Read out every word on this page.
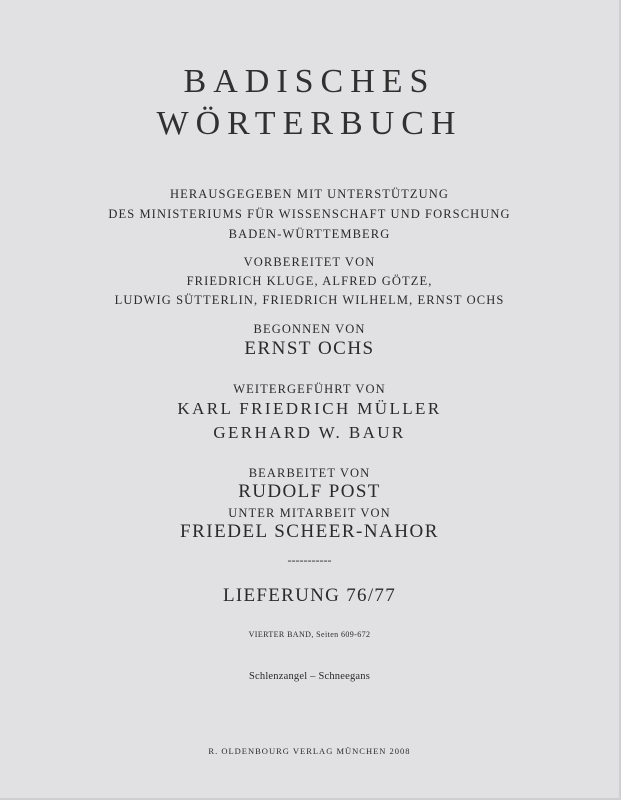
BADISCHES
WÖRTERBUCH
HERAUSGEGEBEN MIT UNTERSTÜTZUNG
DES MINISTERIUMS FÜR WISSENSCHAFT UND FORSCHUNG
BADEN-WÜRTTEMBERG
VORBEREITET VON
FRIEDRICH KLUGE, ALFRED GÖTZE,
LUDWIG SÜTTERLIN, FRIEDRICH WILHELM, ERNST OCHS
BEGONNEN VON
ERNST OCHS
WEITERGEFÜHRT VON
KARL FRIEDRICH MÜLLER
GERHARD W. BAUR
BEARBEITET VON
RUDOLF POST
UNTER MITARBEIT VON
FRIEDEL SCHEER-NAHOR
-----------
LIEFERUNG 76/77
VIERTER BAND, Seiten 609-672
Schlenzangel – Schneegans
R. OLDENBOURG VERLAG MÜNCHEN 2008
